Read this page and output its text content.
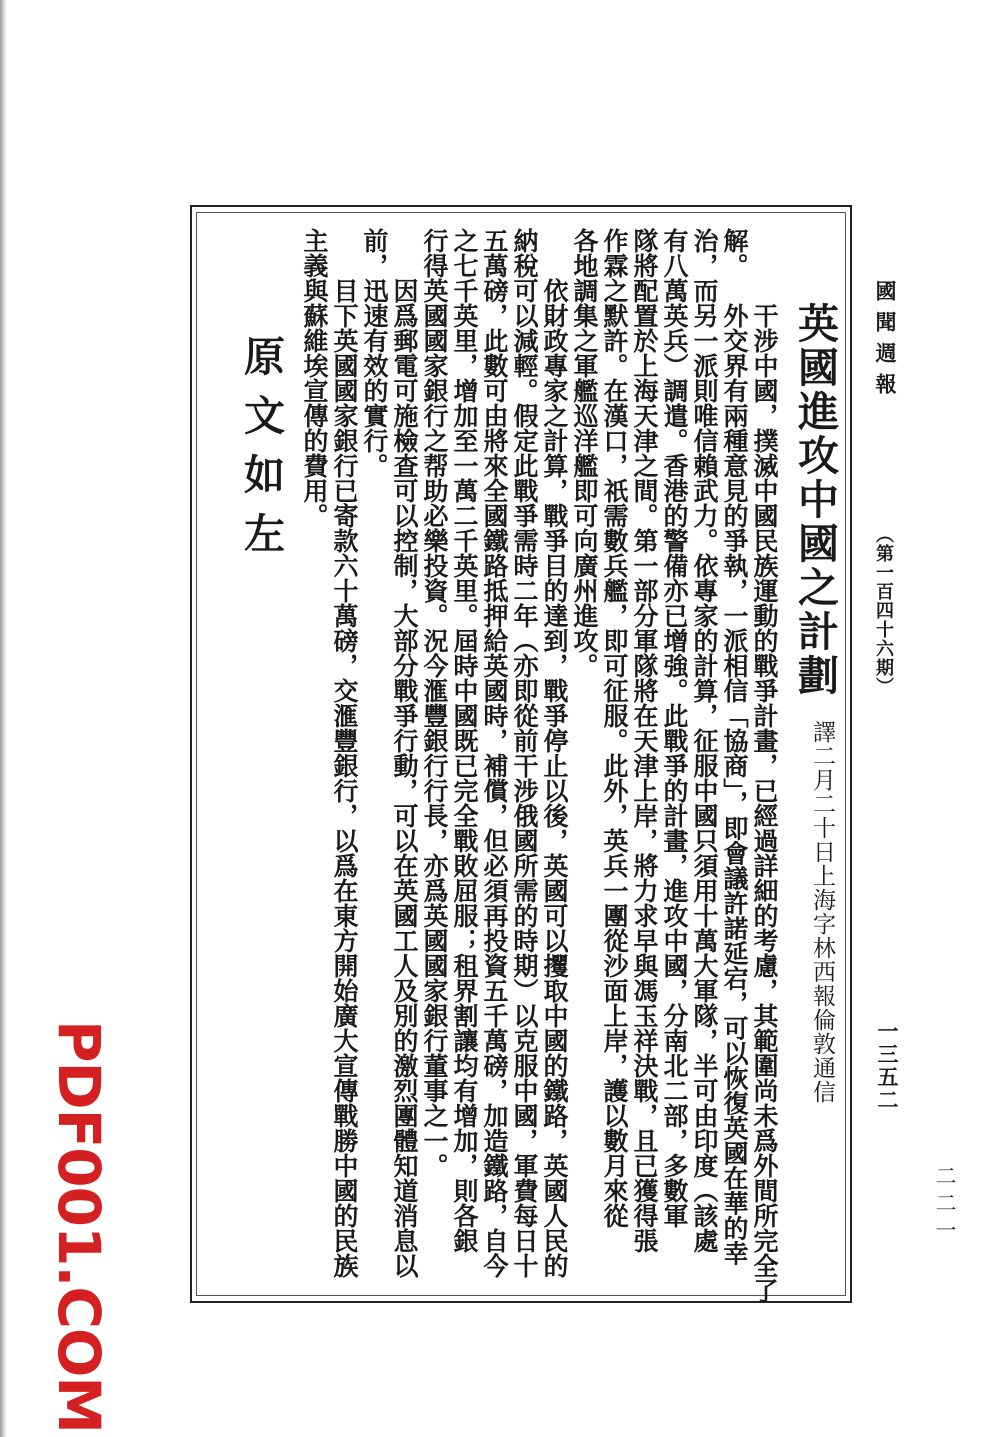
國聞週報
（第一百四十六期）
一三五二
二二一
英國進攻中國之計劃
譯二月二十日上海字林西報倫敦通信
　干涉中國，撲滅中國民族運動的戰爭計畫，已經過詳細的考慮，其範圍尚未爲外間所完全了
解。
外交界有兩種意見的爭執，一派相信「協商」，即會議許諾延宕，可以恢復英國在華的幸
治，而另一派則唯信賴武力。依專家的計算，征服中國只須用十萬大軍隊，半可由印度（該處
有八萬英兵）調遣。香港的警備亦已增強。此戰爭的計畫，進攻中國，分南北二部，多數軍
隊將配置於上海天津之間。第一部分軍隊將在天津上岸，將力求早與馮玉祥決戰，且已獲得張
作霖之默許。在漢口，祇需數兵艦，即可征服。此外，英兵一團從沙面上岸，護以數月來從
各地調集之軍艦巡洋艦即可向廣州進攻。
　依財政專家之計算，戰爭目的達到，戰爭停止以後，英國可以攫取中國的鐵路，英國人民的
納稅可以減輕。假定此戰爭需時二年（亦即從前干涉俄國所需的時期）以克服中國，軍費每日十
五萬磅，此數可由將來全國鐵路抵押給英國時，補償，但必須再投資五千萬磅，加造鐵路，自今
之七千英里，增加至一萬二千英里。屆時中國既已完全戰敗屈服；租界割讓均有增加，則各銀
行得英國國家銀行之帮助必樂投資。況今滙豐銀行行長，亦爲英國國家銀行董事之一。
　因爲郵電可施檢查可以控制，大部分戰爭行動，可以在英國工人及別的激烈團體知道消息以
前，迅速有效的實行。
　目下英國國家銀行已寄款六十萬磅，交滙豐銀行，以爲在東方開始廣大宣傳戰勝中國的民族
主義與蘇維埃宣傳的費用。
原文如左
PDF001.COM
